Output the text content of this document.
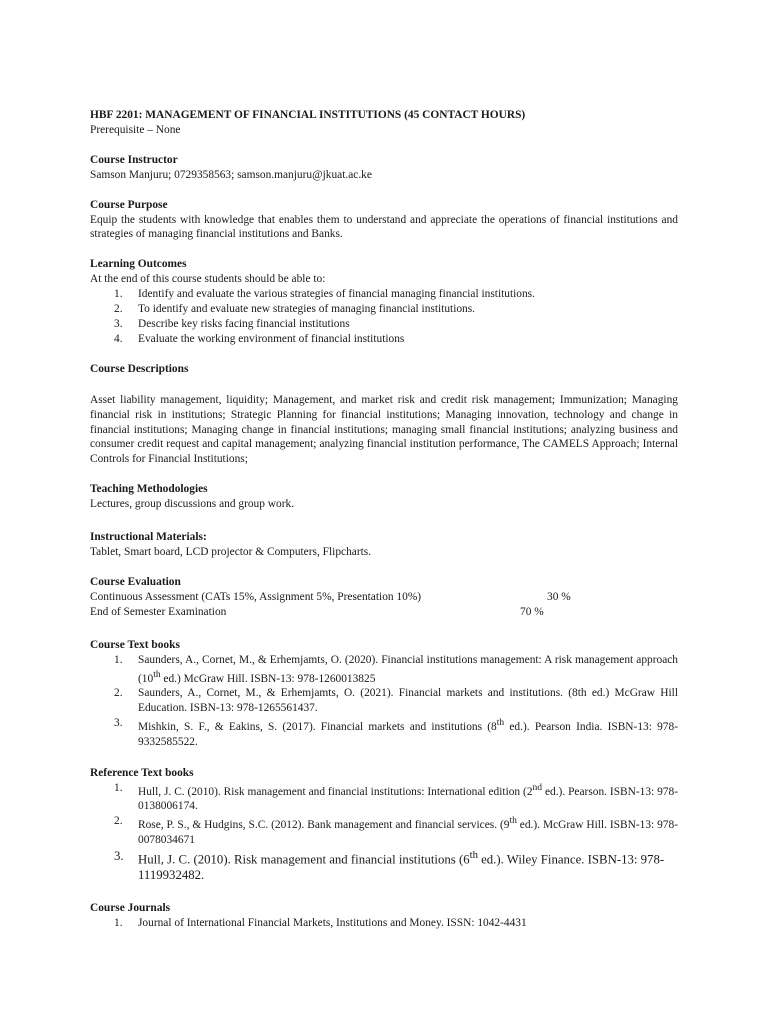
HBF 2201: MANAGEMENT OF FINANCIAL INSTITUTIONS (45 CONTACT HOURS)

Prerequisite – None

Course Instructor

Samson Manjuru; 0729358563; samson.manjuru@jkuat.ac.ke

Course Purpose

Equip the students with knowledge that enables them to understand and appreciate the operations of financial institutions and strategies of managing financial institutions and Banks.

Learning Outcomes

At the end of this course students should be able to:

1. Identify and evaluate the various strategies of financial managing financial institutions.
2. To identify and evaluate new strategies of managing financial institutions.
3. Describe key risks facing financial institutions
4. Evaluate the working environment of financial institutions

Course Descriptions

Asset liability management, liquidity; Management, and market risk and credit risk management; Immunization; Managing financial risk in institutions; Strategic Planning for financial institutions; Managing innovation, technology and change in financial institutions; Managing change in financial institutions; managing small financial institutions; analyzing business and consumer credit request and capital management; analyzing financial institution performance, The CAMELS Approach; Internal Controls for Financial Institutions;

Teaching Methodologies

Lectures, group discussions and group work.

Instructional Materials:

Tablet, Smart board, LCD projector & Computers, Flipcharts.

Course Evaluation

Continuous Assessment (CATs 15%, Assignment 5%, Presentation 10%)	30 %
End of Semester Examination	70 %

Course Text books

1. Saunders, A., Cornet, M., & Erhemjamts, O. (2020). Financial institutions management: A risk management approach (10th ed.) McGraw Hill. ISBN-13: 978-1260013825
2. Saunders, A., Cornet, M., & Erhemjamts, O. (2021). Financial markets and institutions. (8th ed.) McGraw Hill Education. ISBN-13: 978-1265561437.
3. Mishkin, S. F., & Eakins, S. (2017). Financial markets and institutions (8th ed.). Pearson India. ISBN-13: 978-9332585522.

Reference Text books

1. Hull, J. C. (2010). Risk management and financial institutions: International edition (2nd ed.). Pearson. ISBN-13: 978-0138006174.
2. Rose, P. S., & Hudgins, S.C. (2012). Bank management and financial services. (9th ed.). McGraw Hill. ISBN-13: 978-0078034671
3. Hull, J. C. (2010). Risk management and financial institutions (6th ed.). Wiley Finance. ISBN-13: 978-1119932482.

Course Journals

1. Journal of International Financial Markets, Institutions and Money. ISSN: 1042-4431
